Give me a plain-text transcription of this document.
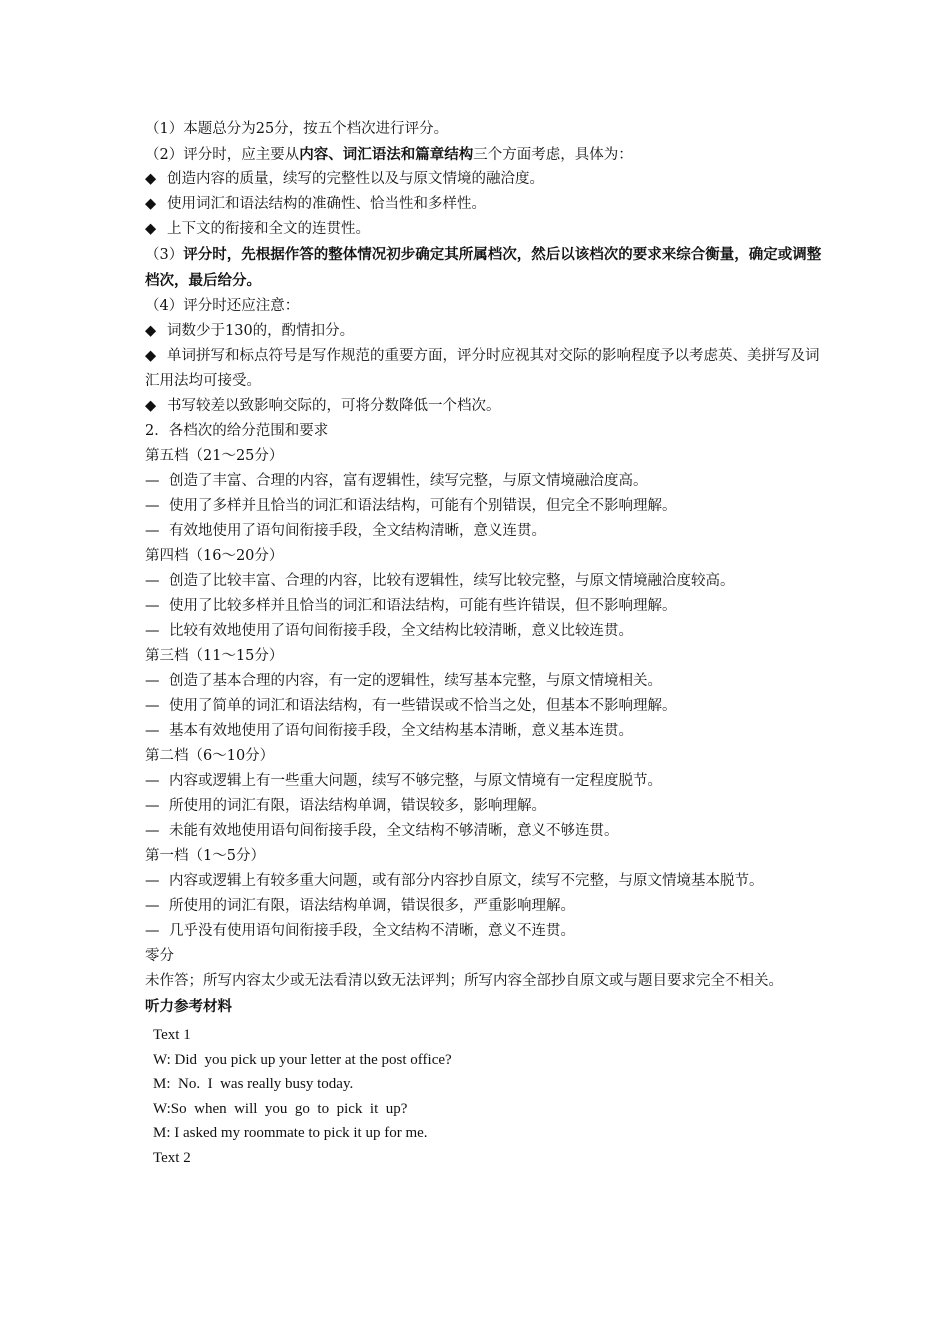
（1）本题总分为25分，按五个档次进行评分。

（2）评分时，应主要从内容、词汇语法和篇章结构三个方面考虑，具体为：

◆ 创造内容的质量，续写的完整性以及与原文情境的融洽度。

◆ 使用词汇和语法结构的准确性、恰当性和多样性。

◆ 上下文的衔接和全文的连贯性。

（3）评分时，先根据作答的整体情况初步确定其所属档次，然后以该档次的要求来综合衡量，确定或调整档次，最后给分。

（4）评分时还应注意：

◆ 词数少于130的，酌情扣分。

◆ 单词拼写和标点符号是写作规范的重要方面，评分时应视其对交际的影响程度予以考虑英、美拼写及词汇用法均可接受。

◆ 书写较差以致影响交际的，可将分数降低一个档次。

2．各档次的给分范围和要求

第五档（21～25分）

— 创造了丰富、合理的内容，富有逻辑性，续写完整，与原文情境融洽度高。

— 使用了多样并且恰当的词汇和语法结构，可能有个别错误，但完全不影响理解。

— 有效地使用了语句间衔接手段，全文结构清晰，意义连贯。

第四档（16～20分）

— 创造了比较丰富、合理的内容，比较有逻辑性，续写比较完整，与原文情境融洽度较高。

— 使用了比较多样并且恰当的词汇和语法结构，可能有些许错误，但不影响理解。

— 比较有效地使用了语句间衔接手段，全文结构比较清晰，意义比较连贯。

第三档（11～15分）

— 创造了基本合理的内容，有一定的逻辑性，续写基本完整，与原文情境相关。

— 使用了简单的词汇和语法结构，有一些错误或不恰当之处，但基本不影响理解。

— 基本有效地使用了语句间衔接手段，全文结构基本清晰，意义基本连贯。

第二档（6～10分）

— 内容或逻辑上有一些重大问题，续写不够完整，与原文情境有一定程度脱节。

— 所使用的词汇有限，语法结构单调，错误较多，影响理解。

— 未能有效地使用语句间衔接手段，全文结构不够清晰，意义不够连贯。

第一档（1～5分）

— 内容或逻辑上有较多重大问题，或有部分内容抄自原文，续写不完整，与原文情境基本脱节。

— 所使用的词汇有限，语法结构单调，错误很多，严重影响理解。

— 几乎没有使用语句间衔接手段，全文结构不清晰，意义不连贯。

零分

未作答；所写内容太少或无法看清以致无法评判；所写内容全部抄自原文或与题目要求完全不相关。

听力参考材料

Text 1

W: Did  you pick up your letter at the post office?

M:  No.  I  was really busy today.

W:So  when  will  you  go  to  pick  it  up?

M: I asked my roommate to pick it up for me.

Text 2
